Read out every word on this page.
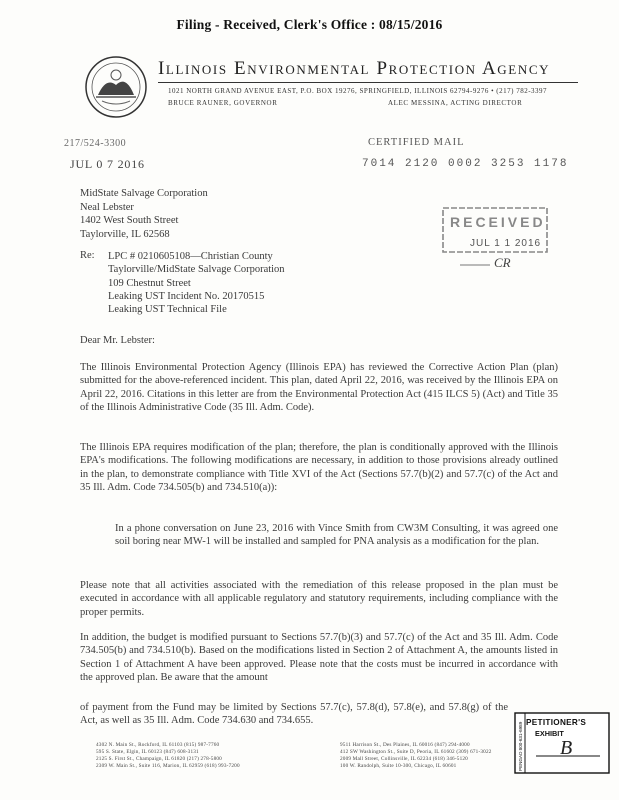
Filing - Received, Clerk's Office : 08/15/2016
Illinois Environmental Protection Agency
1021 NORTH GRAND AVENUE EAST, P.O. BOX 19276, SPRINGFIELD, ILLINOIS 62794-9276 • (217) 782-3397
BRUCE RAUNER, GOVERNOR	ALEC MESSINA, ACTING DIRECTOR
217/524-3300	CERTIFIED MAIL
JUL 0 7 2016	7014 2120 0002 3253 1178
RECEIVED
JUL 1 1 2016
CR
MidState Salvage Corporation
Neal Lebster
1402 West South Street
Taylorville, IL 62568
Re: LPC # 0210605108—Christian County
Taylorville/MidState Salvage Corporation
109 Chestnut Street
Leaking UST Incident No. 20170515
Leaking UST Technical File
Dear Mr. Lebster:
The Illinois Environmental Protection Agency (Illinois EPA) has reviewed the Corrective Action Plan (plan) submitted for the above-referenced incident. This plan, dated April 22, 2016, was received by the Illinois EPA on April 22, 2016. Citations in this letter are from the Environmental Protection Act (415 ILCS 5) (Act) and Title 35 of the Illinois Administrative Code (35 Ill. Adm. Code).
The Illinois EPA requires modification of the plan; therefore, the plan is conditionally approved with the Illinois EPA's modifications. The following modifications are necessary, in addition to those provisions already outlined in the plan, to demonstrate compliance with Title XVI of the Act (Sections 57.7(b)(2) and 57.7(c) of the Act and 35 Ill. Adm. Code 734.505(b) and 734.510(a)):
In a phone conversation on June 23, 2016 with Vince Smith from CW3M Consulting, it was agreed one soil boring near MW-1 will be installed and sampled for PNA analysis as a modification for the plan.
Please note that all activities associated with the remediation of this release proposed in the plan must be executed in accordance with all applicable regulatory and statutory requirements, including compliance with the proper permits.
In addition, the budget is modified pursuant to Sections 57.7(b)(3) and 57.7(c) of the Act and 35 Ill. Adm. Code 734.505(b) and 734.510(b). Based on the modifications listed in Section 2 of Attachment A, the amounts listed in Section 1 of Attachment A have been approved. Please note that the costs must be incurred in accordance with the approved plan. Be aware that the amount
of payment from the Fund may be limited by Sections 57.7(c), 57.8(d), 57.8(e), and 57.8(g) of the Act, as well as 35 Ill. Adm. Code 734.630 and 734.655.
4302 N. Main St., Rockford, IL 61103 (815) 987-7760
595 S. State, Elgin, IL 60123 (847) 608-3131
2125 S. First St., Champaign, IL 61820 (217) 278-5800
2309 W. Main St., Suite 116, Marion, IL 62959 (618) 993-7200
9511 Harrison St., Des Plaines, IL 60016 (847) 294-4000
412 SW Washington St., Suite D, Peoria, IL 61602 (309) 671-3022
2009 Mall Street, Collinsville, IL 62234 (618) 346-5120
100 W. Randolph, Suite 10-300, Chicago, IL 60601
B
PETITIONER'S
EXHIBIT
PENGAD 800-631-6989
